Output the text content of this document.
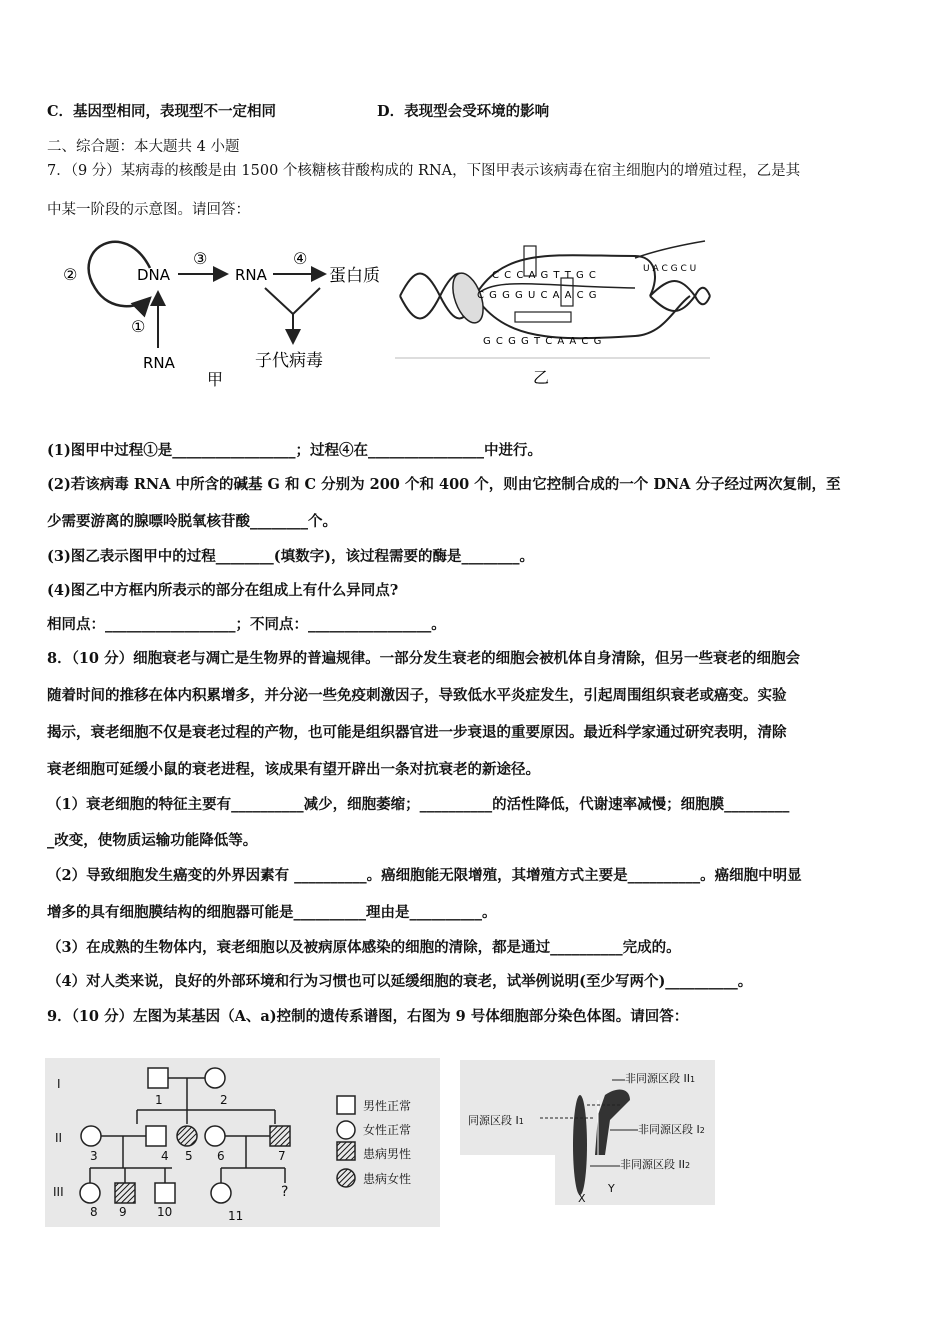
C．基因型相同，表现型不一定相同	D．表现型会受环境的影响
二、综合题：本大题共 4 小题
7．（9 分）某病毒的核酸是由 1500 个核糖核苷酸构成的 RNA，下图甲表示该病毒在宿主细胞内的增殖过程，乙是其
中某一阶段的示意图。请回答：
②	DNA
③
RNA
④
蛋白质
①
RNA	子代病毒
甲
C C C A G T T G C
C G G G U C A A C G
G C G G T C A A C G
U A C G C U
乙
(1)图甲中过程①是_________________；过程④在________________中进行。
(2)若该病毒 RNA 中所含的碱基 G 和 C 分别为 200 个和 400 个，则由它控制合成的一个 DNA 分子经过两次复制，至
少需要游离的腺嘌呤脱氧核苷酸________个。
(3)图乙表示图甲中的过程________(填数字)，该过程需要的酶是________。
(4)图乙中方框内所表示的部分在组成上有什么异同点?
相同点：__________________；不同点：_________________。
8．（10 分）细胞衰老与凋亡是生物界的普遍规律。一部分发生衰老的细胞会被机体自身清除，但另一些衰老的细胞会
随着时间的推移在体内积累增多，并分泌一些免疫刺激因子，导致低水平炎症发生，引起周围组织衰老或癌变。实验
揭示，衰老细胞不仅是衰老过程的产物，也可能是组织器官进一步衰退的重要原因。最近科学家通过研究表明，清除
衰老细胞可延缓小鼠的衰老进程，该成果有望开辟出一条对抗衰老的新途径。
（1）衰老细胞的特征主要有__________减少，细胞萎缩；__________的活性降低，代谢速率减慢；细胞膜_________
_改变，使物质运输功能降低等。
（2）导致细胞发生癌变的外界因素有 __________。癌细胞能无限增殖，其增殖方式主要是__________。癌细胞中明显
增多的具有细胞膜结构的细胞器可能是__________理由是__________。
（3）在成熟的生物体内，衰老细胞以及被病原体感染的细胞的清除，都是通过__________完成的。
（4）对人类来说，良好的外部环境和行为习惯也可以延缓细胞的衰老，试举例说明(至少写两个)__________。
9．（10 分）左图为某基因（A、a)控制的遗传系谱图，右图为 9 号体细胞部分染色体图。请回答：
I
II
III
1	2
3	4 5 6	7
8 9	10	11
?
男性正常
女性正常
患病男性
患病女性
非同源区段 II1
同源区段 I1
非同源区段 I2
非同源区段 II2
X
Y
